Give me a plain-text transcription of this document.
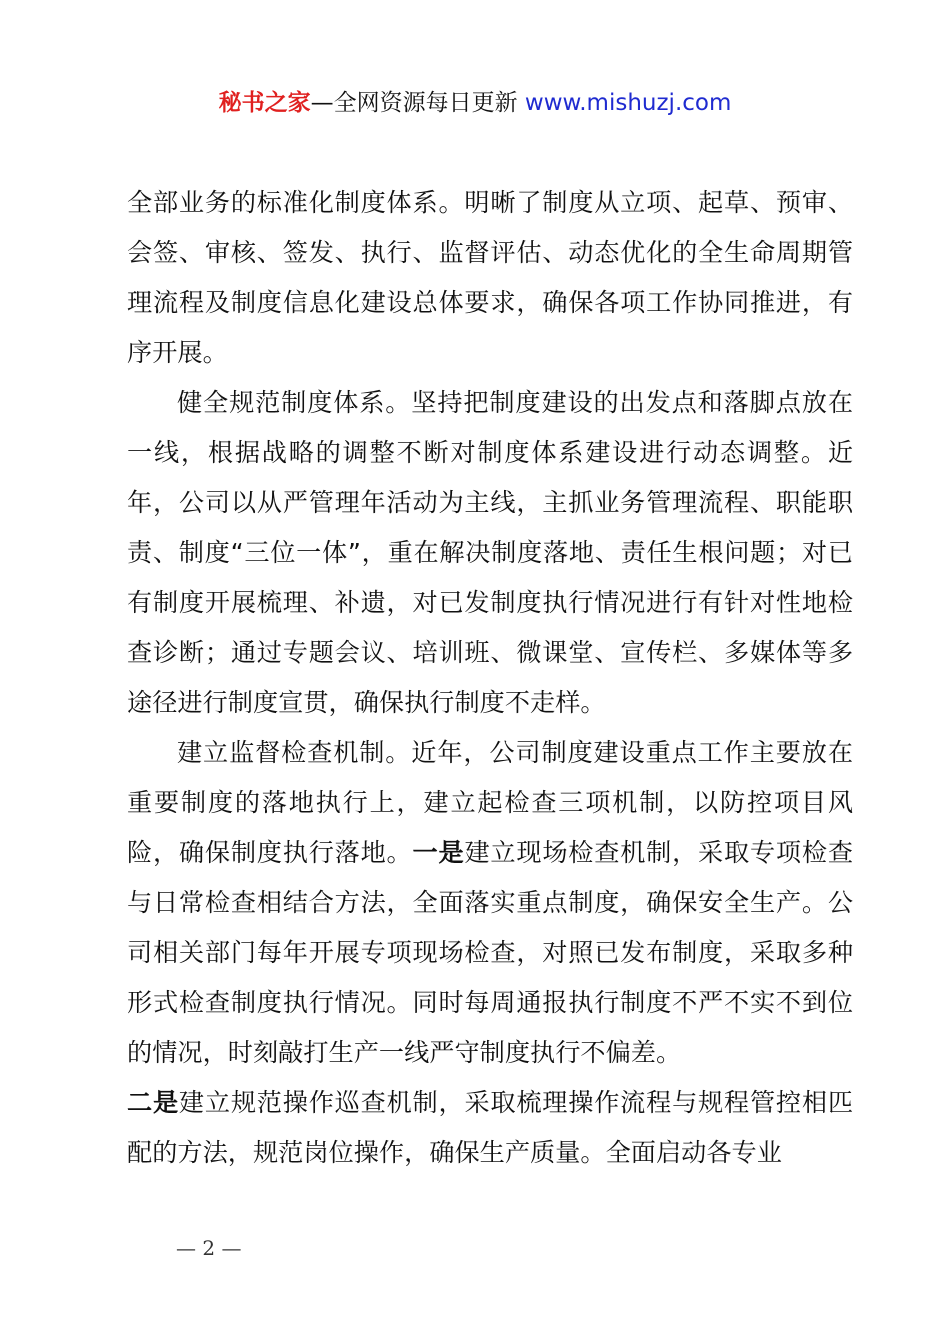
秘书之家—全网资源每日更新 www.mishuzj.com

全部业务的标准化制度体系。明晰了制度从立项、起草、预审、会签、审核、签发、执行、监督评估、动态优化的全生命周期管理流程及制度信息化建设总体要求，确保各项工作协同推进，有序开展。

健全规范制度体系。坚持把制度建设的出发点和落脚点放在一线，根据战略的调整不断对制度体系建设进行动态调整。近年，公司以从严管理年活动为主线，主抓业务管理流程、职能职责、制度“三位一体”，重在解决制度落地、责任生根问题；对已有制度开展梳理、补遗，对已发制度执行情况进行有针对性地检查诊断；通过专题会议、培训班、微课堂、宣传栏、多媒体等多途径进行制度宣贯，确保执行制度不走样。

建立监督检查机制。近年，公司制度建设重点工作主要放在重要制度的落地执行上，建立起检查三项机制，以防控项目风险，确保制度执行落地。一是建立现场检查机制，采取专项检查与日常检查相结合方法，全面落实重点制度，确保安全生产。公司相关部门每年开展专项现场检查，对照已发布制度，采取多种形式检查制度执行情况。同时每周通报执行制度不严不实不到位的情况，时刻敲打生产一线严守制度执行不偏差。
二是建立规范操作巡查机制，采取梳理操作流程与规程管控相匹配的方法，规范岗位操作，确保生产质量。全面启动各专业

— 2 —
